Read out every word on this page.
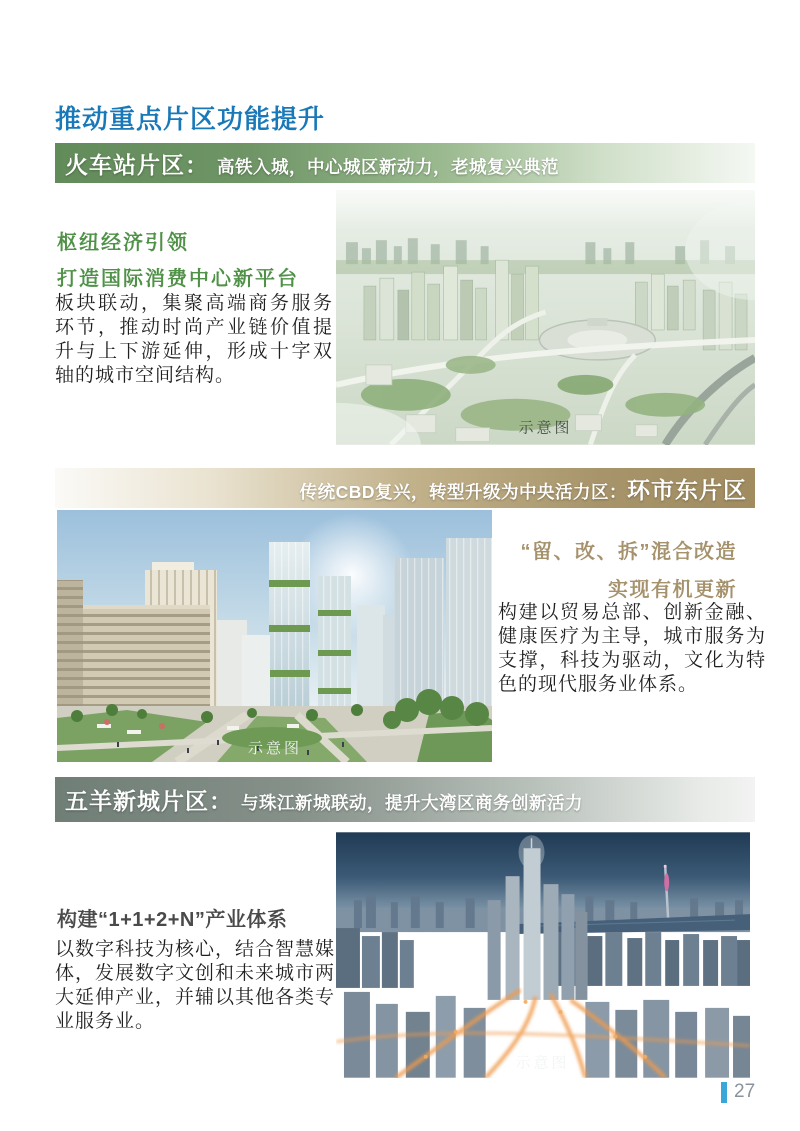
推动重点片区功能提升
火车站片区： 高铁入城，中心城区新动力，老城复兴典范
枢纽经济引领
打造国际消费中心新平台
板块联动，集聚高端商务服务环节，推动时尚产业链价值提升与上下游延伸，形成十字双轴的城市空间结构。
示意图
传统CBD复兴，转型升级为中央活力区： 环市东片区
“留、改、拆”混合改造
实现有机更新
构建以贸易总部、创新金融、健康医疗为主导，城市服务为支撑，科技为驱动，文化为特色的现代服务业体系。
示意图
五羊新城片区： 与珠江新城联动，提升大湾区商务创新活力
构建“1+1+2+N”产业体系
以数字科技为核心，结合智慧媒体，发展数字文创和未来城市两大延伸产业，并辅以其他各类专业服务业。
示意图
27
